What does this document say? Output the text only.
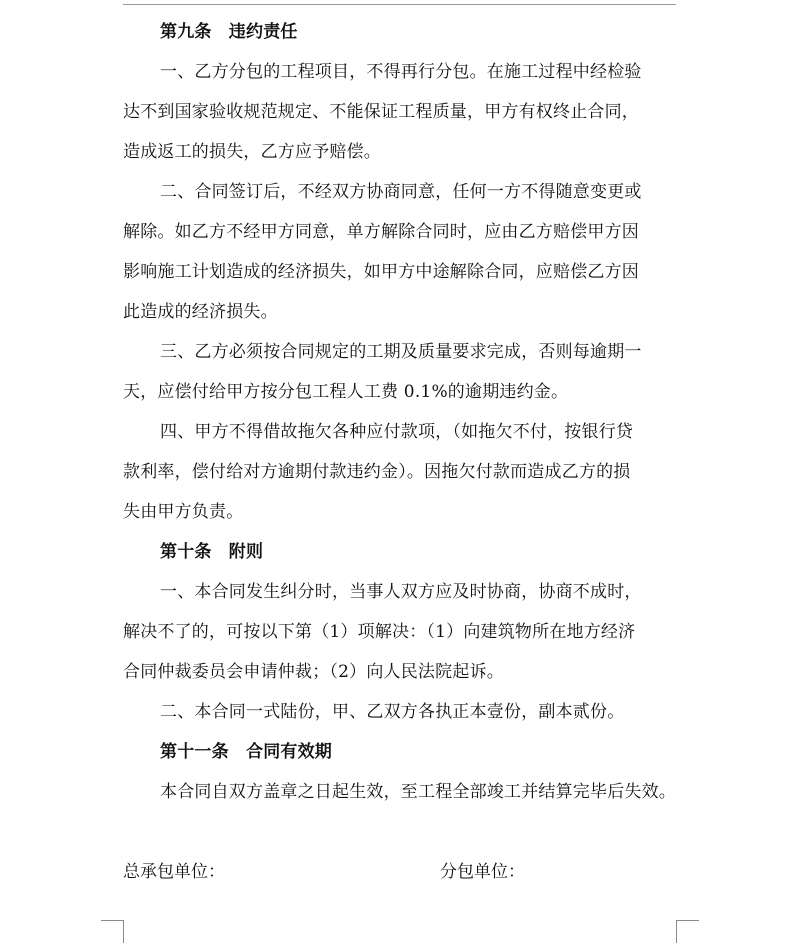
第九条　违约责任
一、乙方分包的工程项目，不得再行分包。在施工过程中经检验
达不到国家验收规范规定、不能保证工程质量，甲方有权终止合同，
造成返工的损失，乙方应予赔偿。
二、合同签订后，不经双方协商同意，任何一方不得随意变更或
解除。如乙方不经甲方同意，单方解除合同时，应由乙方赔偿甲方因
影响施工计划造成的经济损失，如甲方中途解除合同，应赔偿乙方因
此造成的经济损失。
三、乙方必须按合同规定的工期及质量要求完成，否则每逾期一
天，应偿付给甲方按分包工程人工费 0.1%的逾期违约金。
四、甲方不得借故拖欠各种应付款项，（如拖欠不付，按银行贷
款利率，偿付给对方逾期付款违约金）。因拖欠付款而造成乙方的损
失由甲方负责。
第十条　附则
一、本合同发生纠分时，当事人双方应及时协商，协商不成时，
解决不了的，可按以下第（1）项解决：（1）向建筑物所在地方经济
合同仲裁委员会申请仲裁；（2）向人民法院起诉。
二、本合同一式陆份，甲、乙双方各执正本壹份，副本贰份。
第十一条　合同有效期
本合同自双方盖章之日起生效，至工程全部竣工并结算完毕后失效。
总承包单位：	分包单位：
